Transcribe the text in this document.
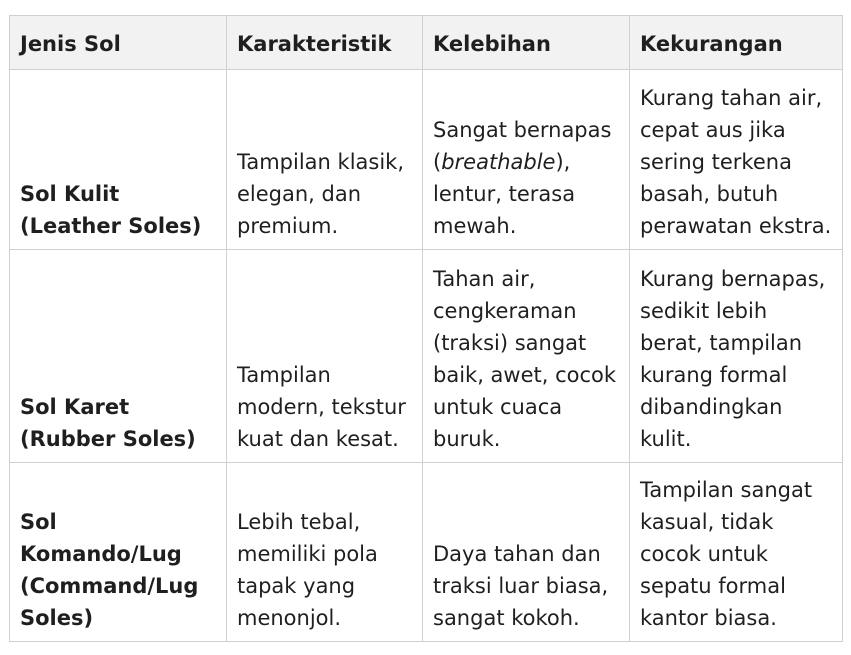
Jenis Sol	Karakteristik	Kelebihan	Kekurangan
Sol Kulit (Leather Soles)	Tampilan klasik, elegan, dan premium.	Sangat bernapas (breathable), lentur, terasa mewah.	Kurang tahan air, cepat aus jika sering terkena basah, butuh perawatan ekstra.
Sol Karet (Rubber Soles)	Tampilan modern, tekstur kuat dan kesat.	Tahan air, cengkeraman (traksi) sangat baik, awet, cocok untuk cuaca buruk.	Kurang bernapas, sedikit lebih berat, tampilan kurang formal dibandingkan kulit.
Sol Komando/Lug (Command/Lug Soles)	Lebih tebal, memiliki pola tapak yang menonjol.	Daya tahan dan traksi luar biasa, sangat kokoh.	Tampilan sangat kasual, tidak cocok untuk sepatu formal kantor biasa.
